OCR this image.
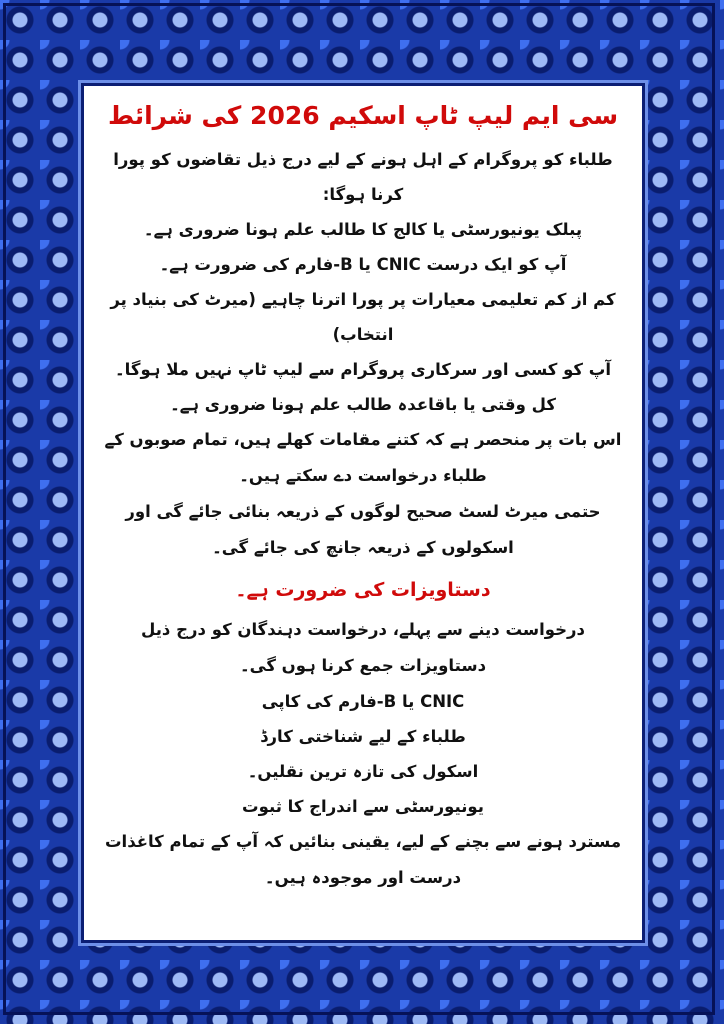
سی ایم لیپ ٹاپ اسکیم 2026 کی شرائط

طلباء کو پروگرام کے اہل ہونے کے لیے درج ذیل تقاضوں کو پورا کرنا ہوگا:

پبلک یونیورسٹی یا کالج کا طالب علم ہونا ضروری ہے۔

آپ کو ایک درست CNIC یا B-فارم کی ضرورت ہے۔

کم از کم تعلیمی معیارات پر پورا اترنا چاہیے (میرٹ کی بنیاد پر انتخاب)

آپ کو کسی اور سرکاری پروگرام سے لیپ ٹاپ نہیں ملا ہوگا۔

کل وقتی یا باقاعدہ طالب علم ہونا ضروری ہے۔

اس بات پر منحصر ہے کہ کتنے مقامات کھلے ہیں، تمام صوبوں کے طلباء درخواست دے سکتے ہیں۔

حتمی میرٹ لسٹ صحیح لوگوں کے ذریعہ بنائی جائے گی اور اسکولوں کے ذریعہ جانچ کی جائے گی۔

دستاویزات کی ضرورت ہے۔

درخواست دینے سے پہلے، درخواست دہندگان کو درج ذیل دستاویزات جمع کرنا ہوں گی۔

CNIC یا B-فارم کی کاپی

طلباء کے لیے شناختی کارڈ

اسکول کی تازہ ترین نقلیں۔

یونیورسٹی سے اندراج کا ثبوت

مسترد ہونے سے بچنے کے لیے، یقینی بنائیں کہ آپ کے تمام کاغذات درست اور موجودہ ہیں۔
